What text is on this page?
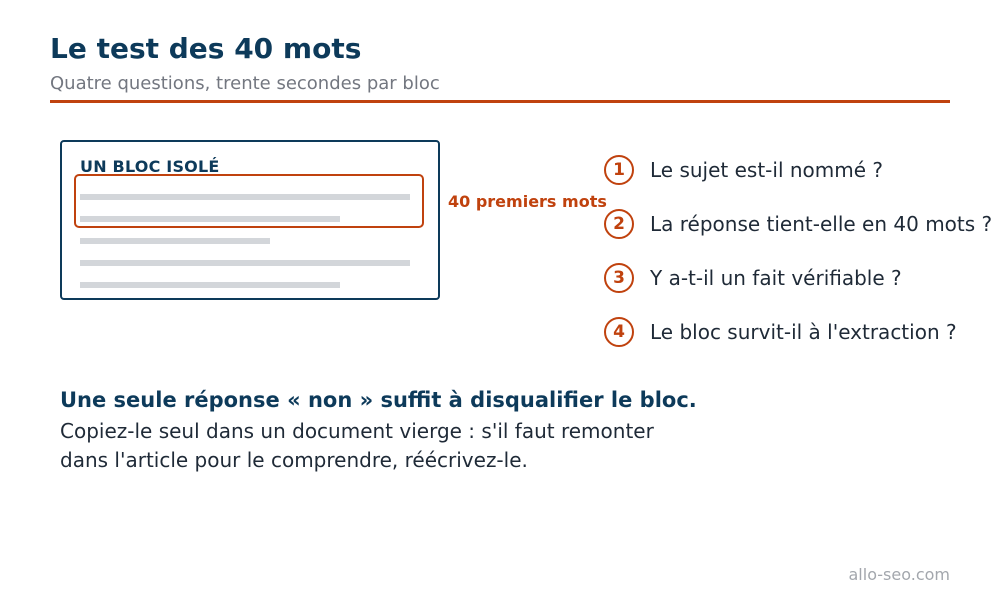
Le test des 40 mots
Quatre questions, trente secondes par bloc
UN BLOC ISOLÉ
40 premiers mots
1	Le sujet est-il nommé ?
2	La réponse tient-elle en 40 mots ?
3	Y a-t-il un fait vérifiable ?
4	Le bloc survit-il à l'extraction ?
Une seule réponse « non » suffit à disqualifier le bloc.
Copiez-le seul dans un document vierge : s'il faut remonter
dans l'article pour le comprendre, réécrivez-le.
allo-seo.com
